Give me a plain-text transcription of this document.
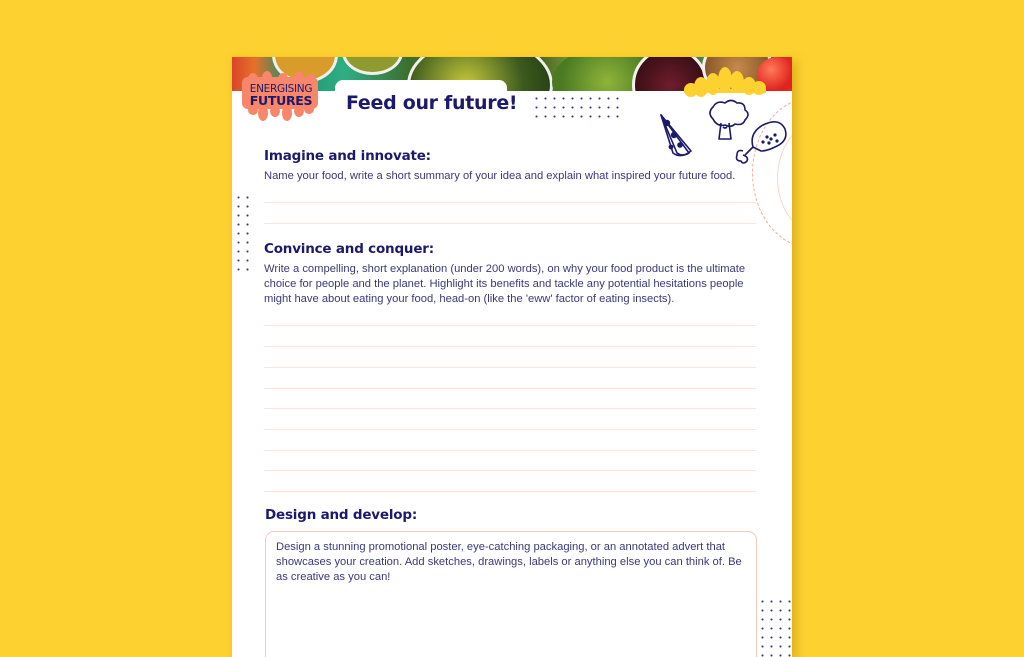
Feed our future!
ENERGISING
FUTURES
Imagine and innovate:
Name your food, write a short summary of your idea and explain what inspired your future food.
Convince and conquer:
Write a compelling, short explanation (under 200 words), on why your food product is the ultimate choice for people and the planet. Highlight its benefits and tackle any potential hesitations people might have about eating your food, head-on (like the 'eww' factor of eating insects).
Design and develop:
Design a stunning promotional poster, eye-catching packaging, or an annotated advert that showcases your creation. Add sketches, drawings, labels or anything else you can think of. Be as creative as you can!
